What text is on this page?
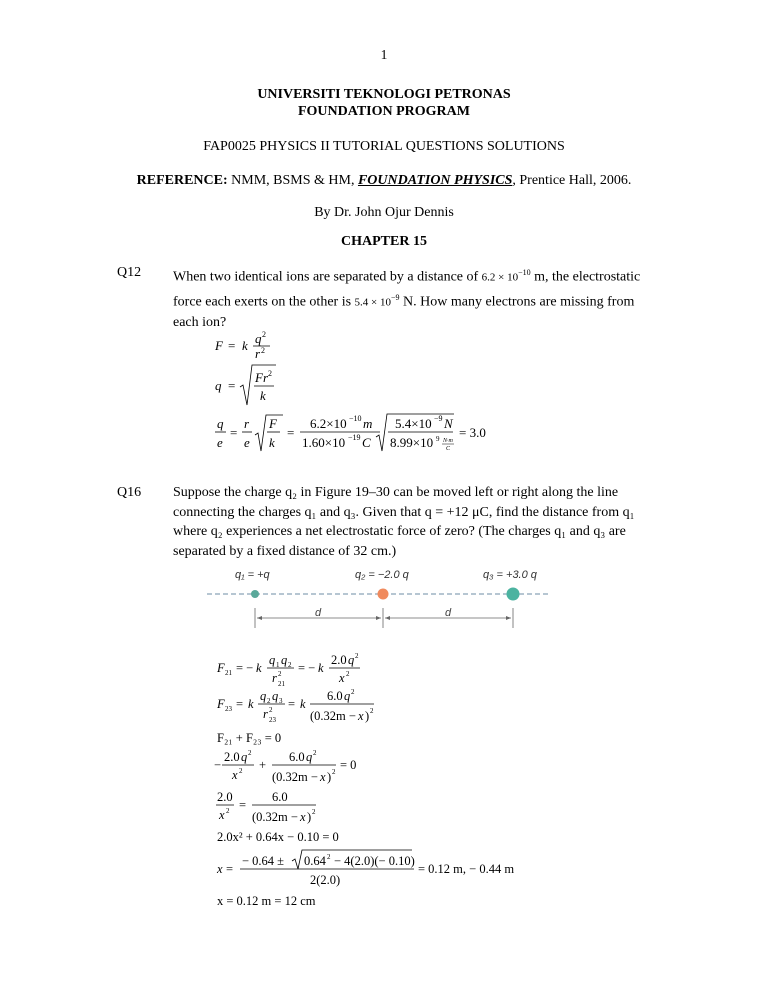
1
UNIVERSITI TEKNOLOGI PETRONAS
FOUNDATION PROGRAM
FAP0025 PHYSICS II TUTORIAL QUESTIONS SOLUTIONS
REFERENCE: NMM, BSMS & HM, FOUNDATION PHYSICS, Prentice Hall, 2006.
By Dr. John Ojur Dennis
CHAPTER 15
Q12 When two identical ions are separated by a distance of $6.2 \times 10^{-10}$ m, the electrostatic
force each exerts on the other is $5.4 \times 10^{-9}$ N. How many electrons are missing from
each ion?
F = k q 2
r 2
q =
Fr 2
k
q
e
=
r
e
F
k
=
6.2×10 −10 m
1.60×10 −19 C
5.4×10 −9 N
8.99×10 9 N·m
C
= 3.0
Q16 Suppose the charge q₂ in Figure 19–30 can be moved left or right along the line
connecting the charges q₁ and q₃. Given that q = +12 μC, find the distance from q₁
where q₂ experiences a net electrostatic force of zero? (The charges q₁ and q₃ are
separated by a fixed distance of 32 cm.)
q₁ = +q	q₂ = −2.0 q	q₃ = +3.0 q
d	d
F 21 = − k
q 1 q 2
r 2
21
= − k
2.0 q 2
x 2
F 23 = k
q 2 q 3
r 2
23
= k
6.0 q 2
(0.32m − x ) 2
F₂₁ + F₂₃ = 0
−
2.0 q 2
x 2 +
6.0 q 2
(0.32m − x ) 2 = 0
2.0
x 2 =
6.0
(0.32m − x ) 2
2.0x² + 0.64x − 0.10 = 0
x =
− 0.64 ± 0.64 2 − 4(2.0)(− 0.10)
2(2.0)
= 0.12 m, − 0.44 m
x = 0.12 m = 12 cm
